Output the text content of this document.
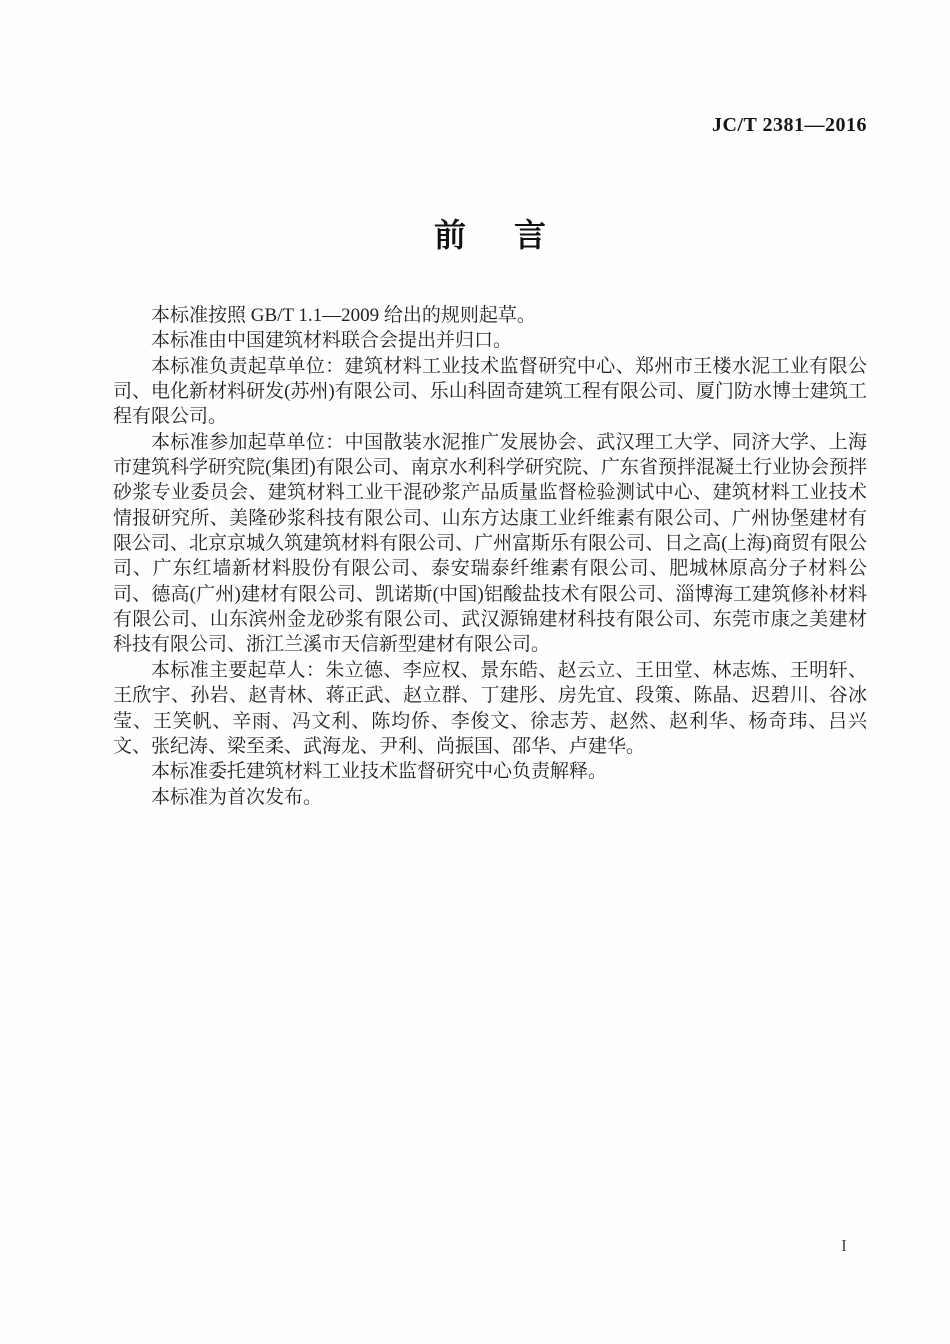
JC/T 2381—2016
前　言

本标准按照 GB/T 1.1—2009 给出的规则起草。

本标准由中国建筑材料联合会提出并归口。

本标准负责起草单位：建筑材料工业技术监督研究中心、郑州市王楼水泥工业有限公司、电化新材料研发(苏州)有限公司、乐山科固奇建筑工程有限公司、厦门防水博士建筑工程有限公司。

本标准参加起草单位：中国散装水泥推广发展协会、武汉理工大学、同济大学、上海市建筑科学研究院(集团)有限公司、南京水利科学研究院、广东省预拌混凝土行业协会预拌砂浆专业委员会、建筑材料工业干混砂浆产品质量监督检验测试中心、建筑材料工业技术情报研究所、美隆砂浆科技有限公司、山东方达康工业纤维素有限公司、广州协堡建材有限公司、北京京城久筑建筑材料有限公司、广州富斯乐有限公司、日之高(上海)商贸有限公司、广东红墙新材料股份有限公司、泰安瑞泰纤维素有限公司、肥城林原高分子材料公司、德高(广州)建材有限公司、凯诺斯(中国)铝酸盐技术有限公司、淄博海工建筑修补材料有限公司、山东滨州金龙砂浆有限公司、武汉源锦建材科技有限公司、东莞市康之美建材科技有限公司、浙江兰溪市天信新型建材有限公司。

本标准主要起草人：朱立德、李应权、景东皓、赵云立、王田堂、林志炼、王明轩、王欣宇、孙岩、赵青林、蒋正武、赵立群、丁建彤、房先宜、段策、陈晶、迟碧川、谷冰莹、王笑帆、辛雨、冯文利、陈均侨、李俊文、徐志芳、赵然、赵利华、杨奇玮、吕兴文、张纪涛、梁至柔、武海龙、尹利、尚振国、邵华、卢建华。

本标准委托建筑材料工业技术监督研究中心负责解释。

本标准为首次发布。

I
